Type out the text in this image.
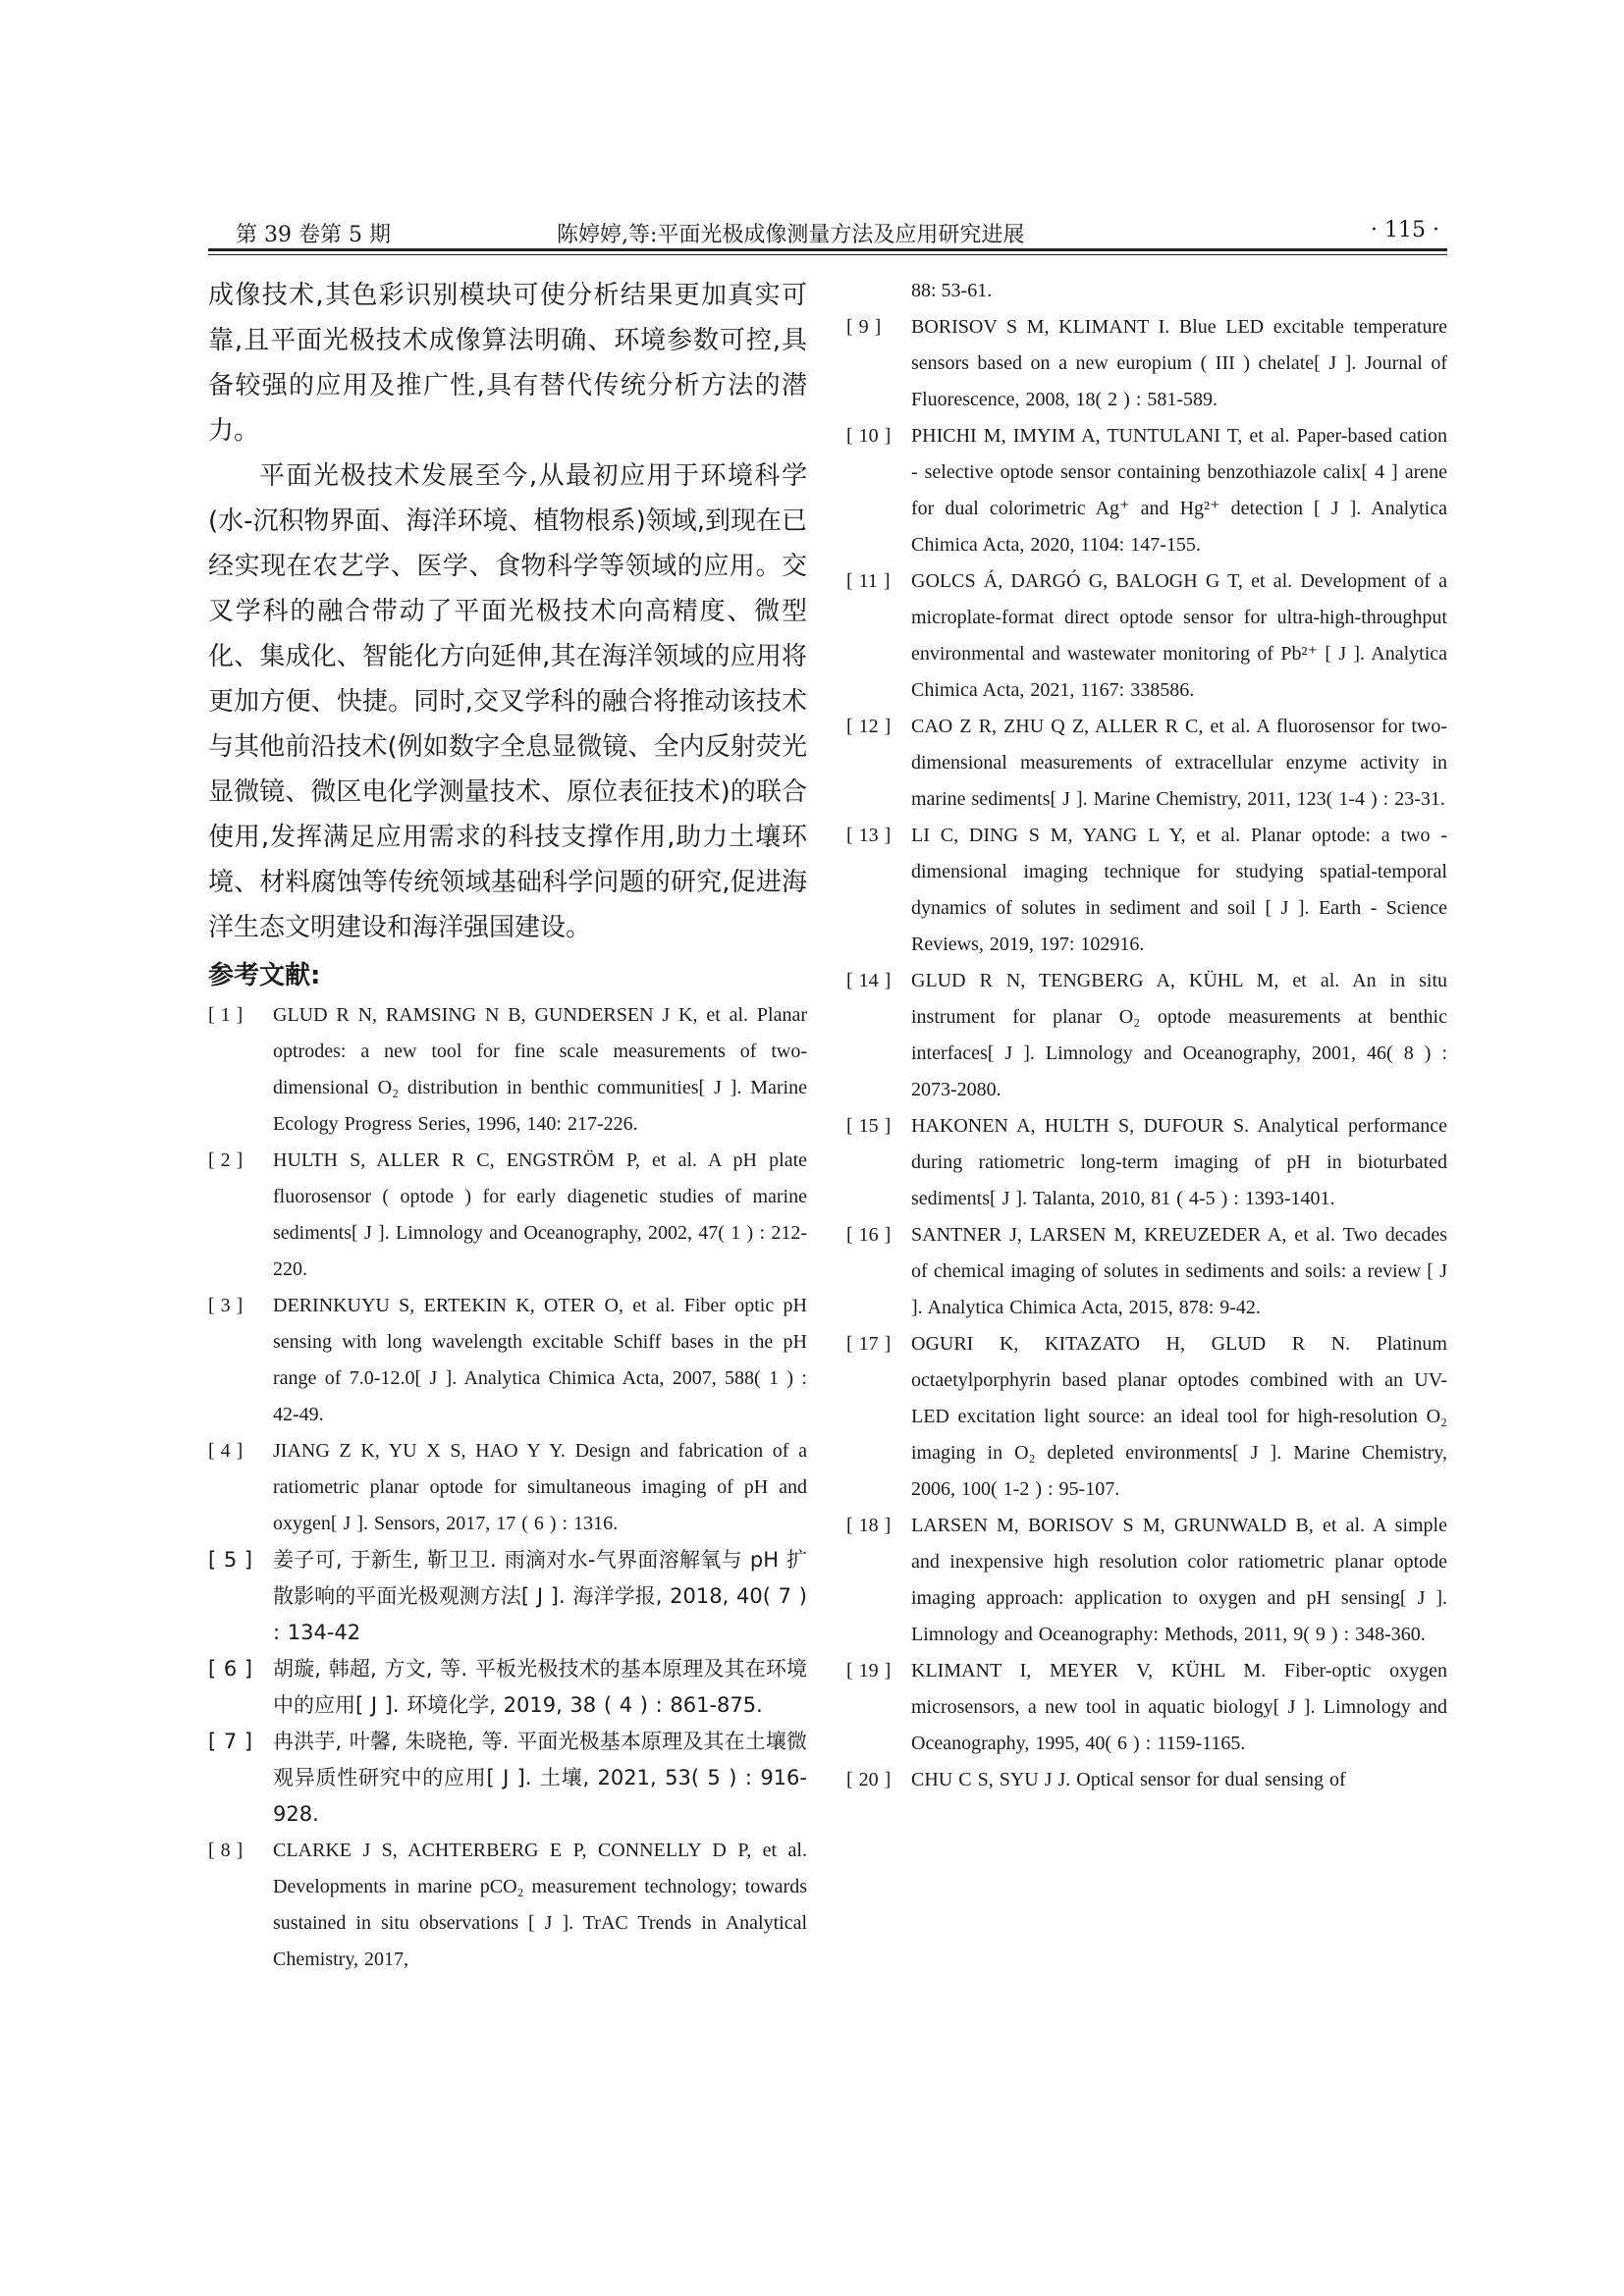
第 39 卷第 5 期	陈婷婷,等:平面光极成像测量方法及应用研究进展	· 115 ·

成像技术,其色彩识别模块可使分析结果更加真实可靠,且平面光极技术成像算法明确、环境参数可控,具备较强的应用及推广性,具有替代传统分析方法的潜力。

平面光极技术发展至今,从最初应用于环境科学(水-沉积物界面、海洋环境、植物根系)领域,到现在已经实现在农艺学、医学、食物科学等领域的应用。交叉学科的融合带动了平面光极技术向高精度、微型化、集成化、智能化方向延伸,其在海洋领域的应用将更加方便、快捷。同时,交叉学科的融合将推动该技术与其他前沿技术(例如数字全息显微镜、全内反射荧光显微镜、微区电化学测量技术、原位表征技术)的联合使用,发挥满足应用需求的科技支撑作用,助力土壤环境、材料腐蚀等传统领域基础科学问题的研究,促进海洋生态文明建设和海洋强国建设。

参考文献:

[ 1 ] GLUD R N, RAMSING N B, GUNDERSEN J K, et al. Planar optrodes: a new tool for fine scale measurements of two-dimensional O₂ distribution in benthic communities[ J ]. Marine Ecology Progress Series, 1996, 140: 217-226.

[ 2 ] HULTH S, ALLER R C, ENGSTRÖM P, et al. A pH plate fluorosensor ( optode ) for early diagenetic studies of marine sediments[ J ]. Limnology and Oceanography, 2002, 47( 1 ) : 212-220.

[ 3 ] DERINKUYU S, ERTEKIN K, OTER O, et al. Fiber optic pH sensing with long wavelength excitable Schiff bases in the pH range of 7.0-12.0[ J ]. Analytica Chimica Acta, 2007, 588( 1 ) : 42-49.

[ 4 ] JIANG Z K, YU X S, HAO Y Y. Design and fabrication of a ratiometric planar optode for simultaneous imaging of pH and oxygen[ J ]. Sensors, 2017, 17 ( 6 ) : 1316.

[ 5 ] 姜子可, 于新生, 靳卫卫. 雨滴对水-气界面溶解氧与 pH 扩散影响的平面光极观测方法[ J ]. 海洋学报, 2018, 40( 7 ) : 134-42

[ 6 ] 胡璇, 韩超, 方文, 等. 平板光极技术的基本原理及其在环境中的应用[ J ]. 环境化学, 2019, 38 ( 4 ) : 861-875.

[ 7 ] 冉洪芋, 叶馨, 朱晓艳, 等. 平面光极基本原理及其在土壤微观异质性研究中的应用[ J ]. 土壤, 2021, 53( 5 ) : 916-928.

[ 8 ] CLARKE J S, ACHTERBERG E P, CONNELLY D P, et al. Developments in marine pCO₂ measurement technology; towards sustained in situ observations [ J ]. TrAC Trends in Analytical Chemistry, 2017,

88: 53-61.

[ 9 ] BORISOV S M, KLIMANT I. Blue LED excitable temperature sensors based on a new europium ( III ) chelate[ J ]. Journal of Fluorescence, 2008, 18( 2 ) : 581-589.

[ 10 ] PHICHI M, IMYIM A, TUNTULANI T, et al. Paper-based cation - selective optode sensor containing benzothiazole calix[ 4 ] arene for dual colorimetric Ag⁺ and Hg²⁺ detection [ J ]. Analytica Chimica Acta, 2020, 1104: 147-155.

[ 11 ] GOLCS Á, DARGÓ G, BALOGH G T, et al. Development of a microplate-format direct optode sensor for ultra-high-throughput environmental and wastewater monitoring of Pb²⁺ [ J ]. Analytica Chimica Acta, 2021, 1167: 338586.

[ 12 ] CAO Z R, ZHU Q Z, ALLER R C, et al. A fluorosensor for two-dimensional measurements of extracellular enzyme activity in marine sediments[ J ]. Marine Chemistry, 2011, 123( 1-4 ) : 23-31.

[ 13 ] LI C, DING S M, YANG L Y, et al. Planar optode: a two - dimensional imaging technique for studying spatial-temporal dynamics of solutes in sediment and soil [ J ]. Earth - Science Reviews, 2019, 197: 102916.

[ 14 ] GLUD R N, TENGBERG A, KÜHL M, et al. An in situ instrument for planar O₂ optode measurements at benthic interfaces[ J ]. Limnology and Oceanography, 2001, 46( 8 ) : 2073-2080.

[ 15 ] HAKONEN A, HULTH S, DUFOUR S. Analytical performance during ratiometric long-term imaging of pH in bioturbated sediments[ J ]. Talanta, 2010, 81 ( 4-5 ) : 1393-1401.

[ 16 ] SANTNER J, LARSEN M, KREUZEDER A, et al. Two decades of chemical imaging of solutes in sediments and soils: a review [ J ]. Analytica Chimica Acta, 2015, 878: 9-42.

[ 17 ] OGURI K, KITAZATO H, GLUD R N. Platinum octaetylporphyrin based planar optodes combined with an UV-LED excitation light source: an ideal tool for high-resolution O₂ imaging in O₂ depleted environments[ J ]. Marine Chemistry, 2006, 100( 1-2 ) : 95-107.

[ 18 ] LARSEN M, BORISOV S M, GRUNWALD B, et al. A simple and inexpensive high resolution color ratiometric planar optode imaging approach: application to oxygen and pH sensing[ J ]. Limnology and Oceanography: Methods, 2011, 9( 9 ) : 348-360.

[ 19 ] KLIMANT I, MEYER V, KÜHL M. Fiber-optic oxygen microsensors, a new tool in aquatic biology[ J ]. Limnology and Oceanography, 1995, 40( 6 ) : 1159-1165.

[ 20 ] CHU C S, SYU J J. Optical sensor for dual sensing of
